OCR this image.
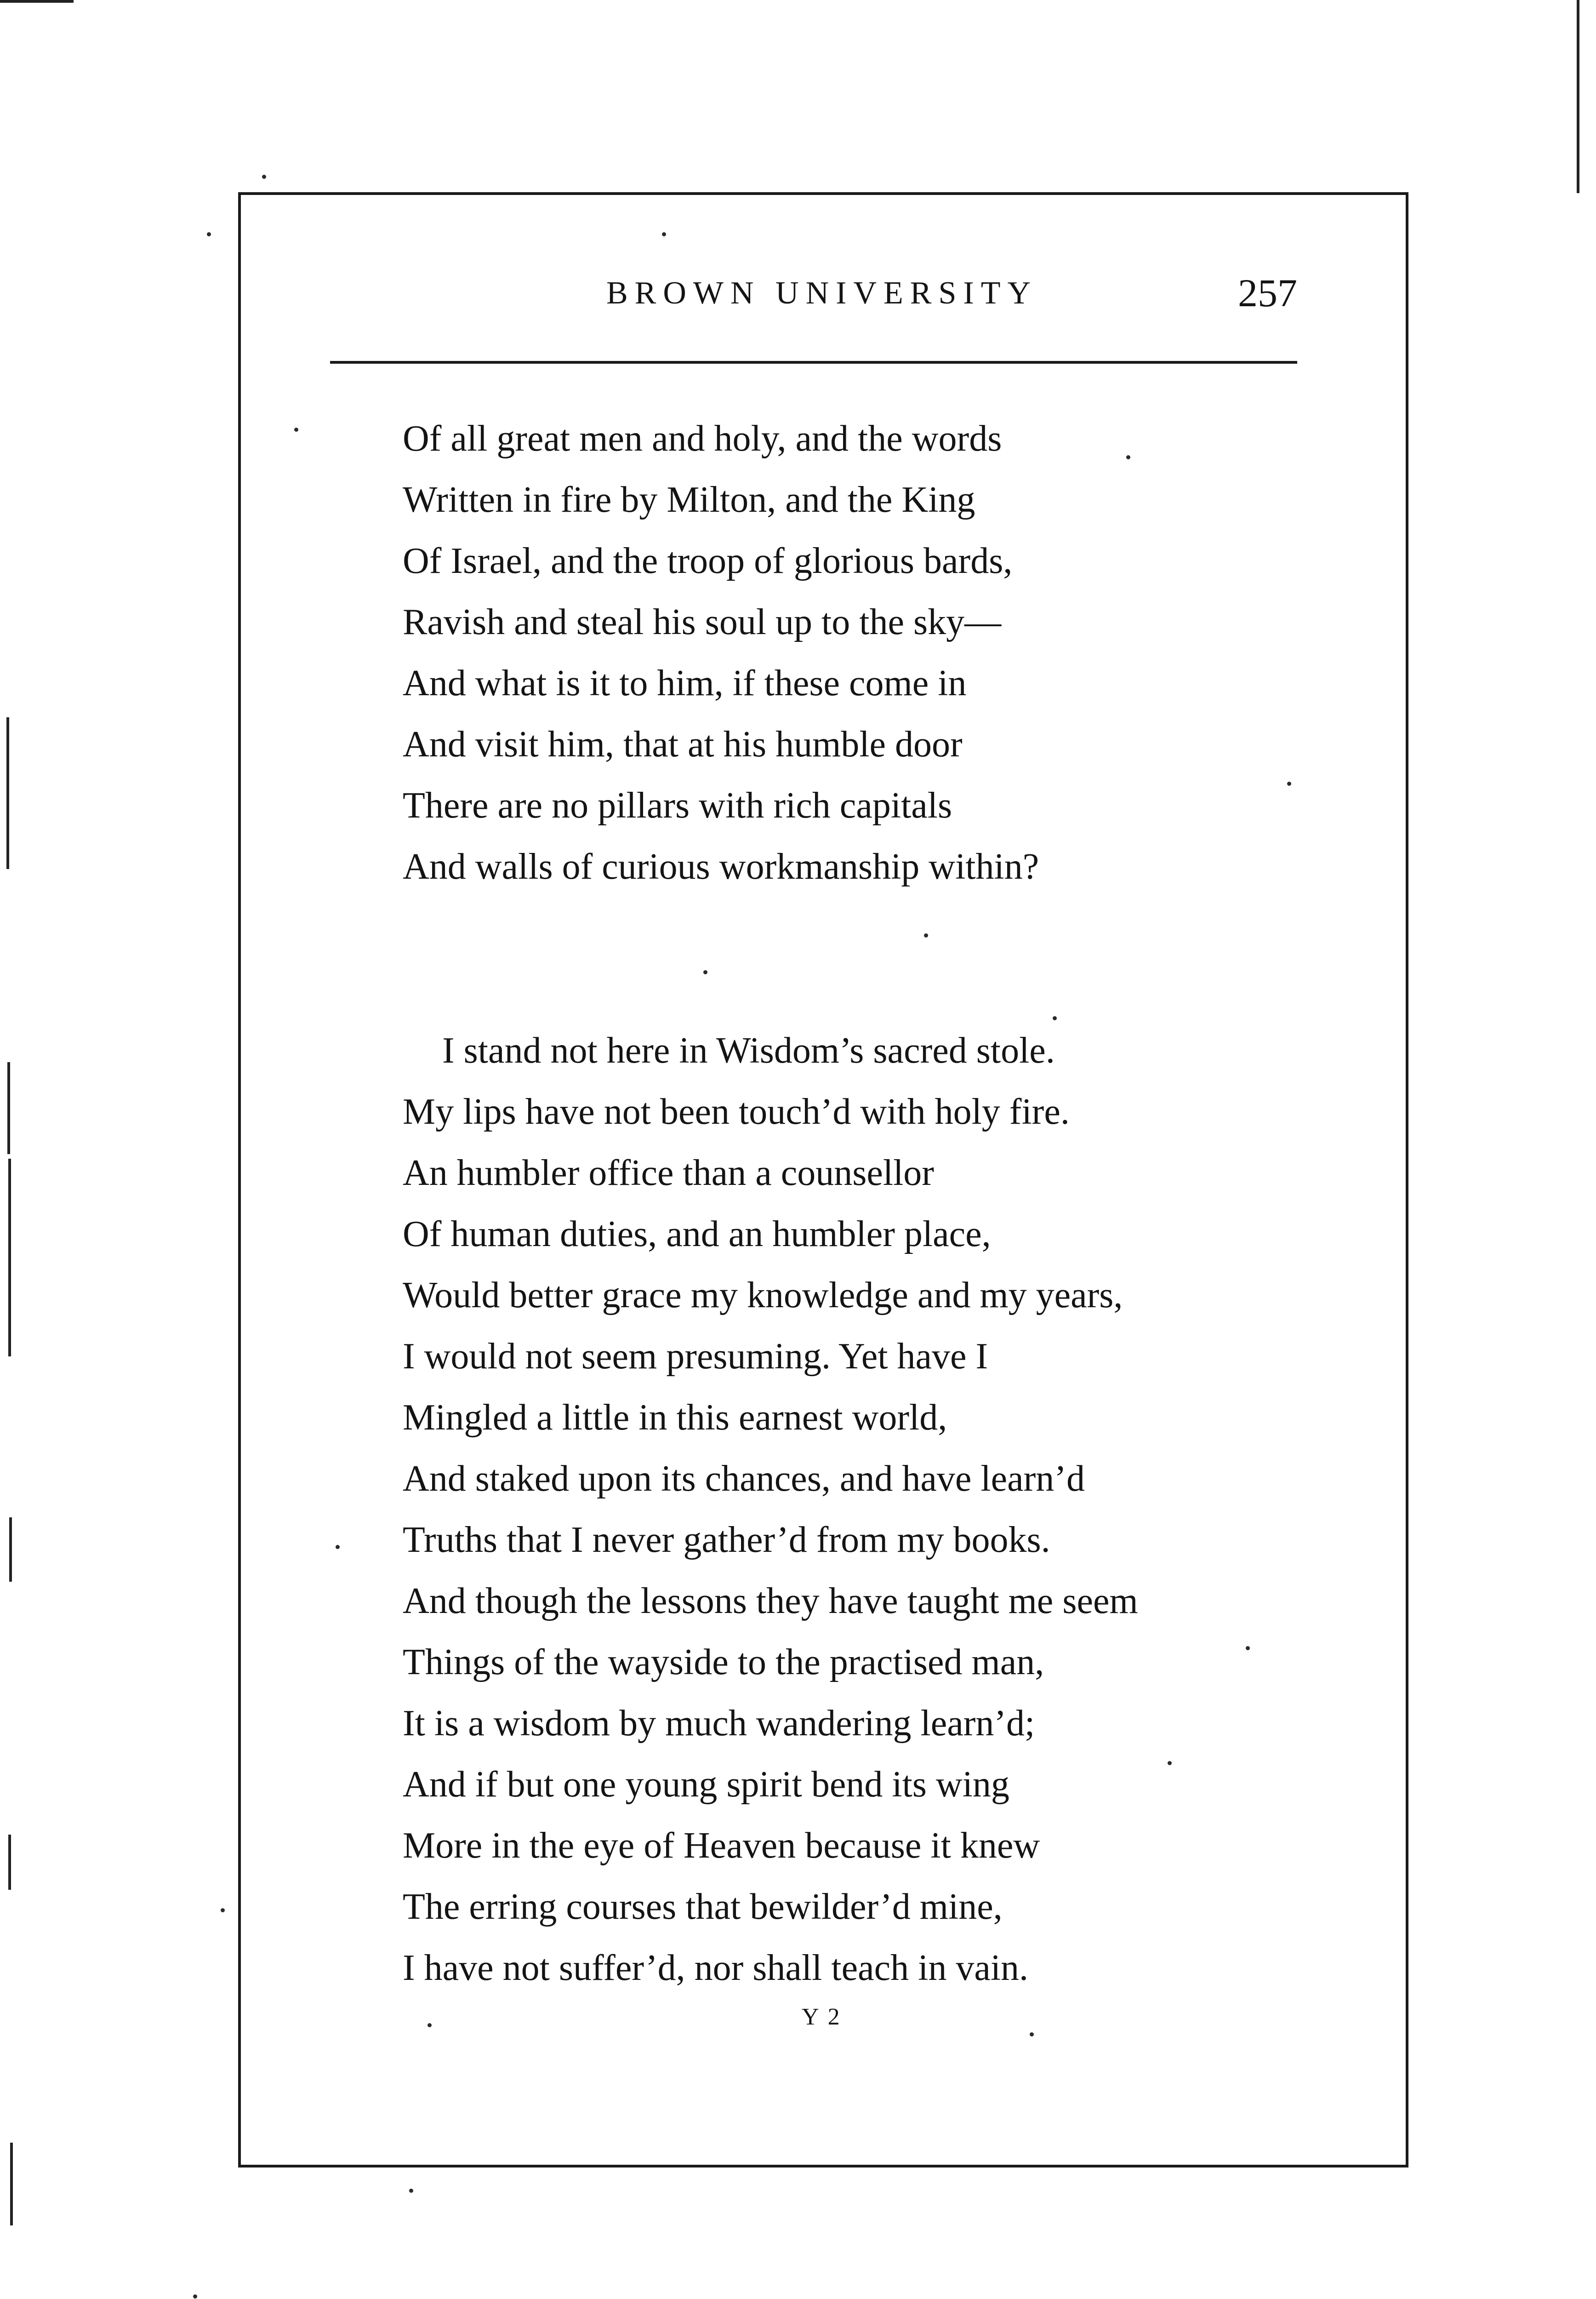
BROWN UNIVERSITY	257
Of all great men and holy, and the words
Written in fire by Milton, and the King
Of Israel, and the troop of glorious bards,
Ravish and steal his soul up to the sky—
And what is it to him, if these come in
And visit him, that at his humble door
There are no pillars with rich capitals
And walls of curious workmanship within?
I stand not here in Wisdom’s sacred stole.
My lips have not been touch’d with holy fire.
An humbler office than a counsellor
Of human duties, and an humbler place,
Would better grace my knowledge and my years,
I would not seem presuming. Yet have I
Mingled a little in this earnest world,
And staked upon its chances, and have learn’d
Truths that I never gather’d from my books.
And though the lessons they have taught me seem
Things of the wayside to the practised man,
It is a wisdom by much wandering learn’d;
And if but one young spirit bend its wing
More in the eye of Heaven because it knew
The erring courses that bewilder’d mine,
I have not suffer’d, nor shall teach in vain.
Y 2
